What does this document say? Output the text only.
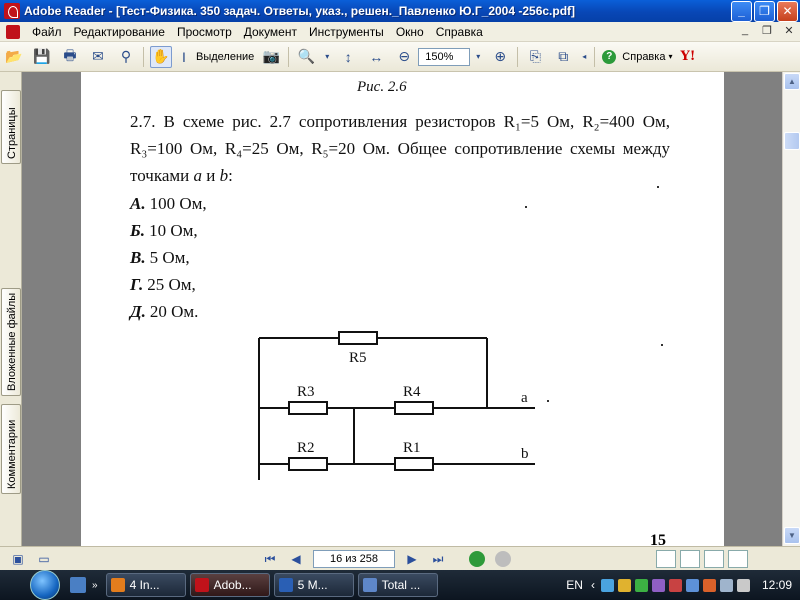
Adobe Reader - [Тест-Физика. 350 задач. Ответы, указ., решен._Павленко Ю.Г_2004 -256с.pdf]	_	❐	✕
Файл	Редактирование	Просмотр	Документ	Инструменты	Окно	Справка	_	❐	✕
📂 💾 🖶	✉	⚲	✋ I Выделение 📷 🔍 ▾	↕	↔	⊖	150%	▾	⊕	⎘	⧉	◂	? Справка ▾ Y!
Страницы
Вложенные файлы
Комментарии
Рис. 2.6
2.7. В схеме рис. 2.7 сопротивления резисторов R₁=5 Ом, R₂=400 Ом, R₃=100 Ом, R₄=25 Ом, R₅=20 Ом. Общее сопротивление схемы между точками a и b:
А. 100 Ом,
Б. 10 Ом,
В. 5 Ом,
Г. 25 Ом,
Д. 20 Ом.
R5
R3	R4
R2	R1
a
b
15
▲
▼
▣	▭	⏮	◀	16 из 258	▶	⏭
»	4 In...	Adob...	5 M...	Total ...	EN ‹	12:09
